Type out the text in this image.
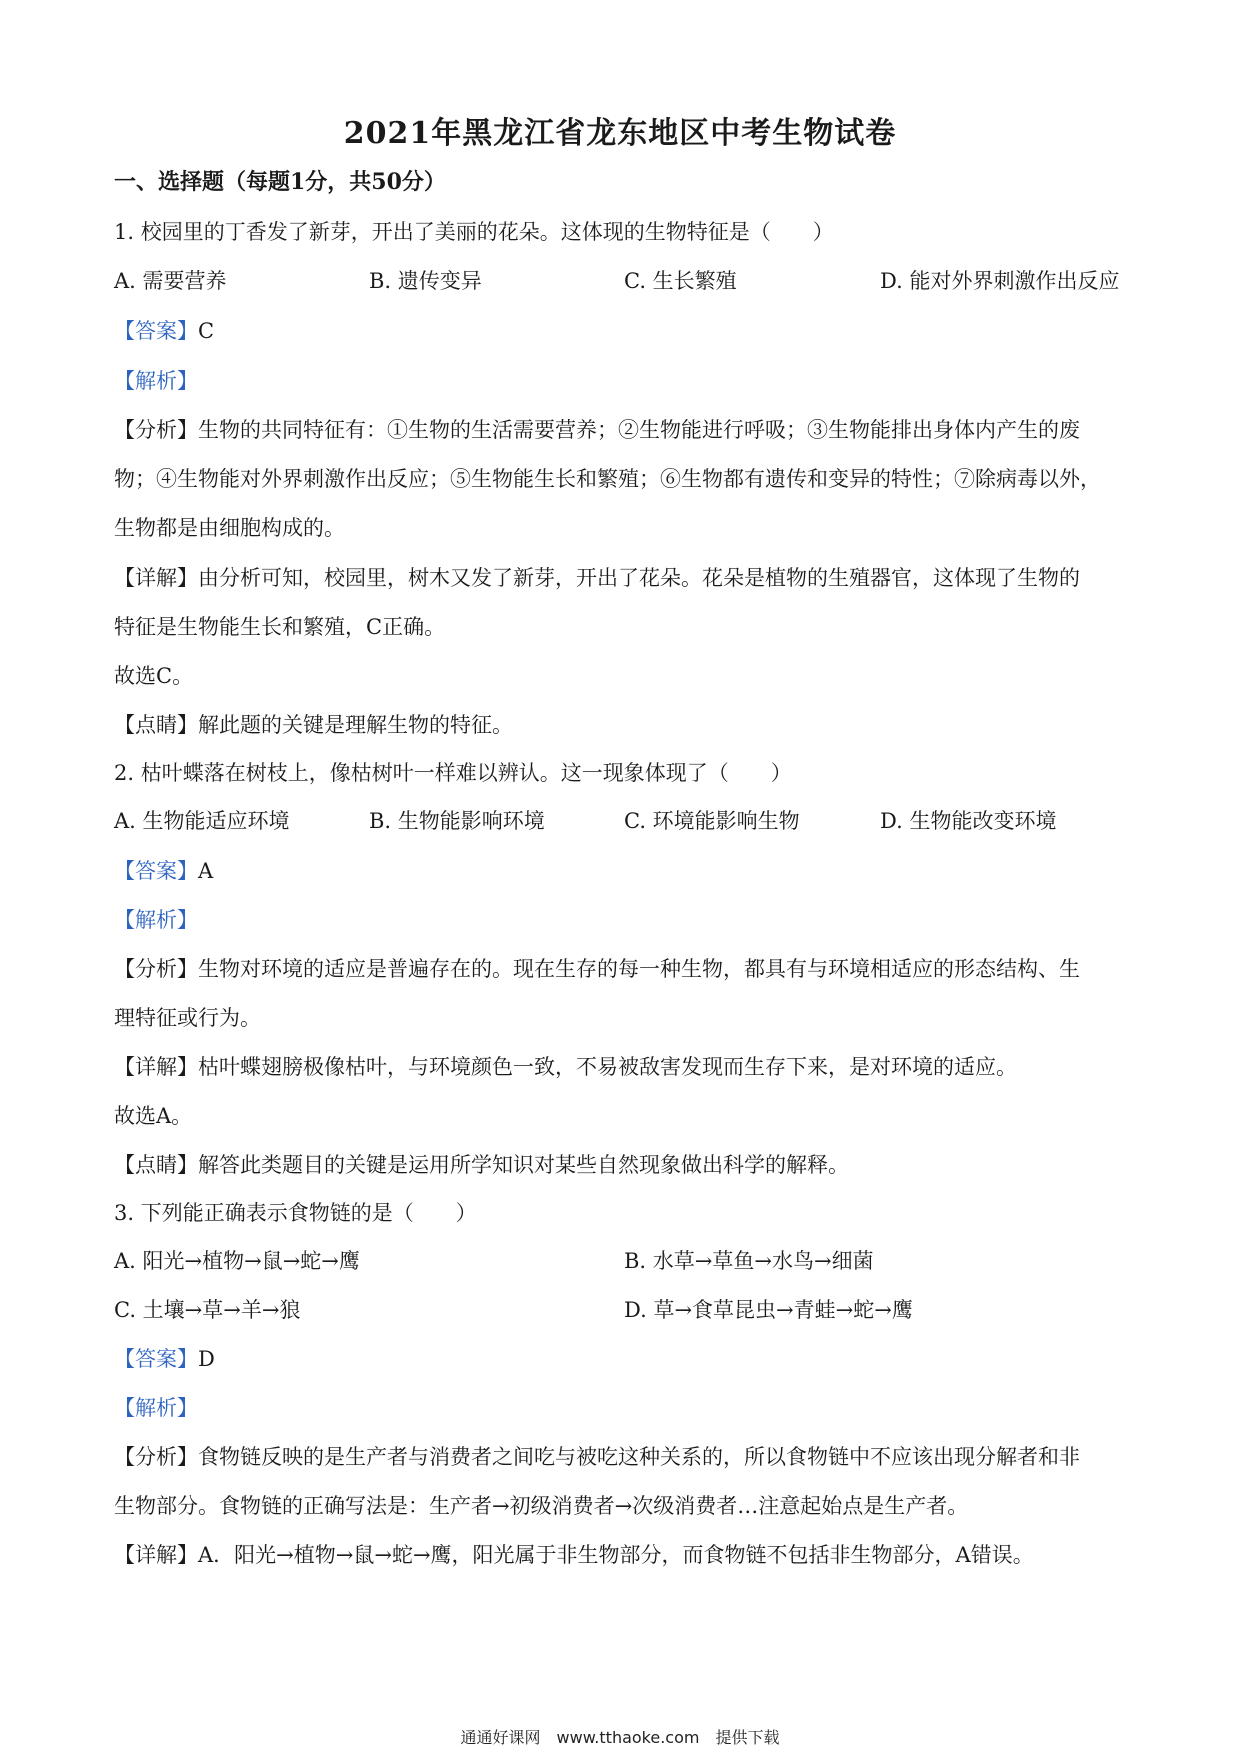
2021年黑龙江省龙东地区中考生物试卷
一、选择题（每题1分，共50分）
1. 校园里的丁香发了新芽，开出了美丽的花朵。这体现的生物特征是（　　）
A. 需要营养	B. 遗传变异	C. 生长繁殖	D. 能对外界刺激作出反应
【答案】C
【解析】
【分析】生物的共同特征有：①生物的生活需要营养；②生物能进行呼吸；③生物能排出身体内产生的废
物；④生物能对外界刺激作出反应；⑤生物能生长和繁殖；⑥生物都有遗传和变异的特性；⑦除病毒以外，
生物都是由细胞构成的。
【详解】由分析可知，校园里，树木又发了新芽，开出了花朵。花朵是植物的生殖器官，这体现了生物的
特征是生物能生长和繁殖，C正确。
故选C。
【点睛】解此题的关键是理解生物的特征。
2. 枯叶蝶落在树枝上，像枯树叶一样难以辨认。这一现象体现了（　　）
A. 生物能适应环境	B. 生物能影响环境	C. 环境能影响生物	D. 生物能改变环境
【答案】A
【解析】
【分析】生物对环境的适应是普遍存在的。现在生存的每一种生物，都具有与环境相适应的形态结构、生
理特征或行为。
【详解】枯叶蝶翅膀极像枯叶，与环境颜色一致，不易被敌害发现而生存下来，是对环境的适应。
故选A。
【点睛】解答此类题目的关键是运用所学知识对某些自然现象做出科学的解释。
3. 下列能正确表示食物链的是（　　）
A. 阳光→植物→鼠→蛇→鹰	B. 水草→草鱼→水鸟→细菌
C. 土壤→草→羊→狼	D. 草→食草昆虫→青蛙→蛇→鹰
【答案】D
【解析】
【分析】食物链反映的是生产者与消费者之间吃与被吃这种关系的，所以食物链中不应该出现分解者和非
生物部分。食物链的正确写法是：生产者→初级消费者→次级消费者…注意起始点是生产者。
【详解】A．阳光→植物→鼠→蛇→鹰，阳光属于非生物部分，而食物链不包括非生物部分，A错误。
通通好课网　www.tthaoke.com　提供下载
